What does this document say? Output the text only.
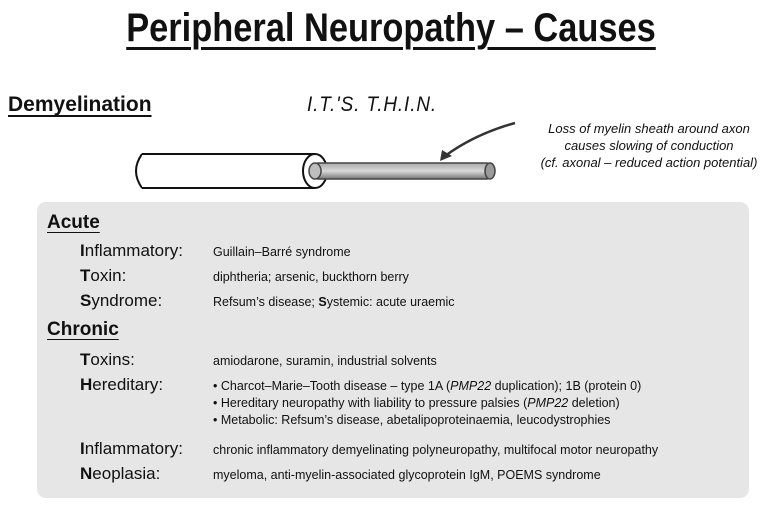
Peripheral Neuropathy – Causes
Demyelination	I.T.'S. T.H.I.N.
Loss of myelin sheath around axon
causes slowing of conduction
(cf. axonal – reduced action potential)
Acute
Inflammatory: Guillain–Barré syndrome
Toxin:	diphtheria; arsenic, buckthorn berry
Syndrome:	Refsum’s disease; Systemic: acute uraemic
Chronic
Toxins:	amiodarone, suramin, industrial solvents
Hereditary:
•	Charcot–Marie–Tooth disease – type 1A (PMP22 duplication); 1B (protein 0)
• Hereditary neuropathy with liability to pressure palsies (PMP22 deletion)
• Metabolic: Refsum’s disease, abetalipoproteinaemia, leucodystrophies
Inflammatory: chronic inflammatory demyelinating polyneuropathy, multifocal motor neuropathy
Neoplasia:	myeloma, anti-myelin-associated glycoprotein IgM, POEMS syndrome
